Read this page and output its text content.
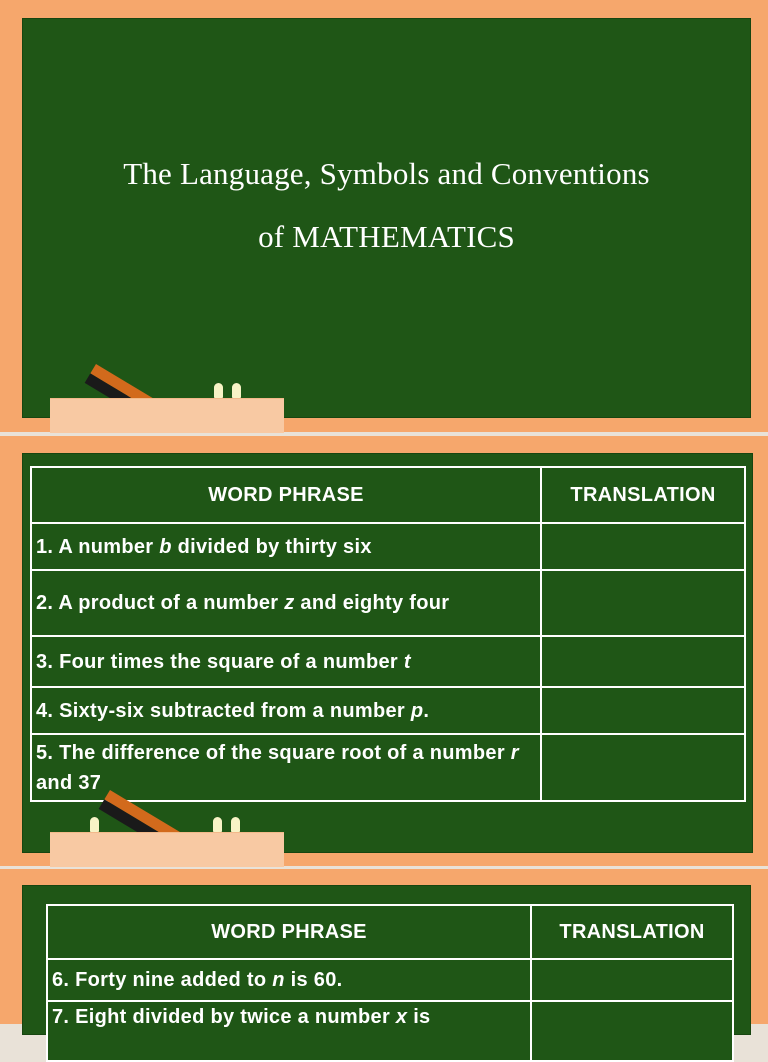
The Language, Symbols and Conventions
of MATHEMATICS
WORD PHRASE	TRANSLATION
1. A number b divided by thirty six	
2. A product of a number z and eighty four	
3. Four times the square of a number t	
4. Sixty-six subtracted from a number p.	
5. The difference of the square root of a number r and 37	
WORD PHRASE	TRANSLATION
6. Forty nine added to n is 60.	
7. Eight divided by twice a number x is	
